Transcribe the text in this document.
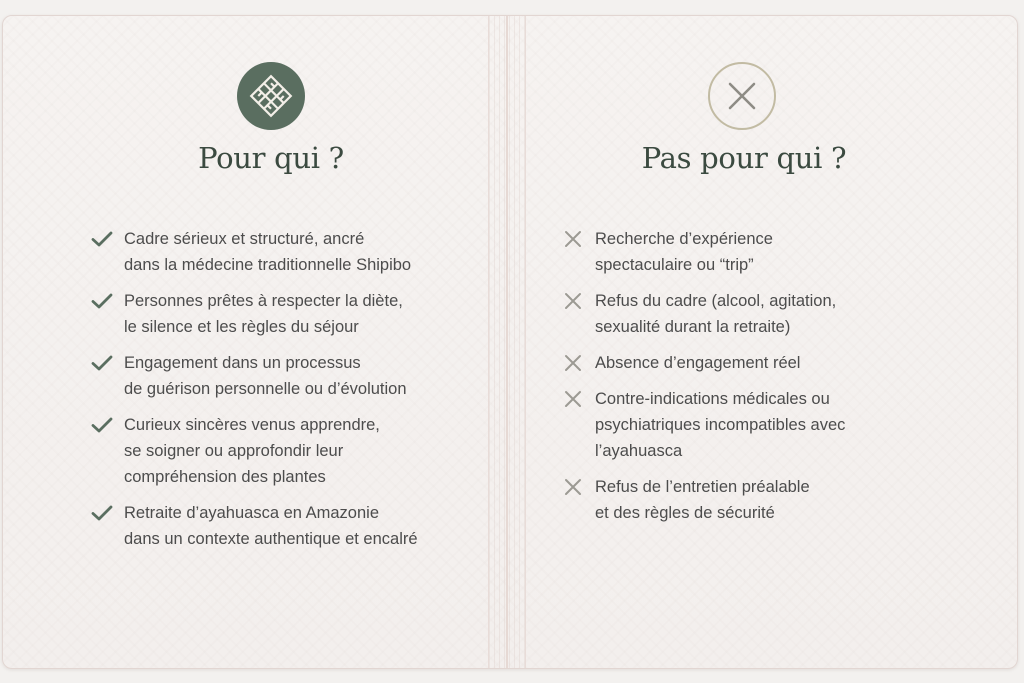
Pour qui ?
Cadre sérieux et structuré, ancré
dans la médecine traditionnelle Shipibo
Personnes prêtes à respecter la diète,
le silence et les règles du séjour
Engagement dans un processus
de guérison personnelle ou d’évolution
Curieux sincères venus apprendre,
se soigner ou approfondir leur
compréhension des plantes
Retraite d’ayahuasca en Amazonie
dans un contexte authentique et encalré
Pas pour qui ?
Recherche d’expérience
spectaculaire ou “trip”
Refus du cadre (alcool, agitation,
sexualité durant la retraite)
Absence d’engagement réel
Contre-indications médicales ou
psychiatriques incompatibles avec
l’ayahuasca
Refus de l’entretien préalable
et des règles de sécurité
